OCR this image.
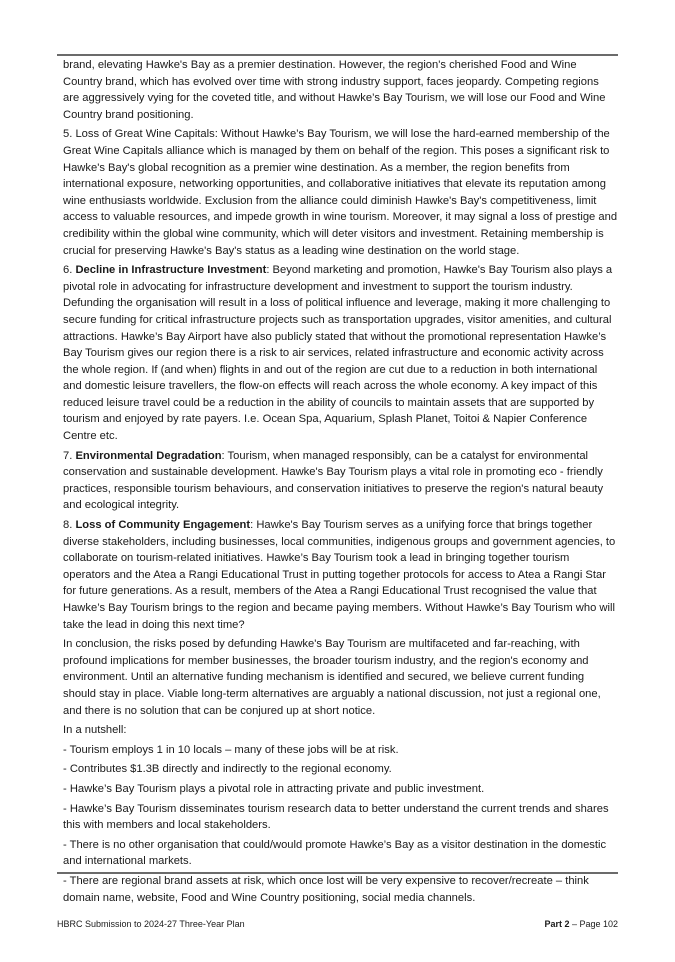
brand, elevating Hawke's Bay as a premier destination. However, the region's cherished Food and Wine Country brand, which has evolved over time with strong industry support, faces jeopardy. Competing regions are aggressively vying for the coveted title, and without Hawke’s Bay Tourism, we will lose our Food and Wine Country brand positioning.

5. Loss of Great Wine Capitals: Without Hawke’s Bay Tourism, we will lose the hard-earned membership of the Great Wine Capitals alliance which is managed by them on behalf of the region. This poses a significant risk to Hawke's Bay's global recognition as a premier wine destination. As a member, the region benefits from international exposure, networking opportunities, and collaborative initiatives that elevate its reputation among wine enthusiasts worldwide. Exclusion from the alliance could diminish Hawke's Bay's competitiveness, limit access to valuable resources, and impede growth in wine tourism. Moreover, it may signal a loss of prestige and credibility within the global wine community, which will deter visitors and investment. Retaining membership is crucial for preserving Hawke's Bay's status as a leading wine destination on the world stage.

6. Decline in Infrastructure Investment: Beyond marketing and promotion, Hawke's Bay Tourism also plays a pivotal role in advocating for infrastructure development and investment to support the tourism industry. Defunding the organisation will result in a loss of political influence and leverage, making it more challenging to secure funding for critical infrastructure projects such as transportation upgrades, visitor amenities, and cultural attractions. Hawke’s Bay Airport have also publicly stated that without the promotional representation Hawke’s Bay Tourism gives our region there is a risk to air services, related infrastructure and economic activity across the whole region. If (and when) flights in and out of the region are cut due to a reduction in both international and domestic leisure travellers, the flow-on effects will reach across the whole economy. A key impact of this reduced leisure travel could be a reduction in the ability of councils to maintain assets that are supported by tourism and enjoyed by rate payers. I.e. Ocean Spa, Aquarium, Splash Planet, Toitoi & Napier Conference Centre etc.

7. Environmental Degradation: Tourism, when managed responsibly, can be a catalyst for environmental conservation and sustainable development. Hawke's Bay Tourism plays a vital role in promoting eco - friendly practices, responsible tourism behaviours, and conservation initiatives to preserve the region's natural beauty and ecological integrity.

8. Loss of Community Engagement: Hawke's Bay Tourism serves as a unifying force that brings together diverse stakeholders, including businesses, local communities, indigenous groups and government agencies, to collaborate on tourism-related initiatives. Hawke’s Bay Tourism took a lead in bringing together tourism operators and the Atea a Rangi Educational Trust in putting together protocols for access to Atea a Rangi Star for future generations. As a result, members of the Atea a Rangi Educational Trust recognised the value that Hawke’s Bay Tourism brings to the region and became paying members. Without Hawke’s Bay Tourism who will take the lead in doing this next time?

In conclusion, the risks posed by defunding Hawke's Bay Tourism are multifaceted and far-reaching, with profound implications for member businesses, the broader tourism industry, and the region's economy and environment. Until an alternative funding mechanism is identified and secured, we believe current funding should stay in place. Viable long-term alternatives are arguably a national discussion, not just a regional one, and there is no solution that can be conjured up at short notice.

In a nutshell:

- Tourism employs 1 in 10 locals – many of these jobs will be at risk.

- Contributes $1.3B directly and indirectly to the regional economy.

- Hawke’s Bay Tourism plays a pivotal role in attracting private and public investment.

- Hawke’s Bay Tourism disseminates tourism research data to better understand the current trends and shares this with members and local stakeholders.

- There is no other organisation that could/would promote Hawke’s Bay as a visitor destination in the domestic and international markets.

- There are regional brand assets at risk, which once lost will be very expensive to recover/recreate – think domain name, website, Food and Wine Country positioning, social media channels.

HBRC Submission to 2024-27 Three-Year Plan	Part 2 – Page 102
